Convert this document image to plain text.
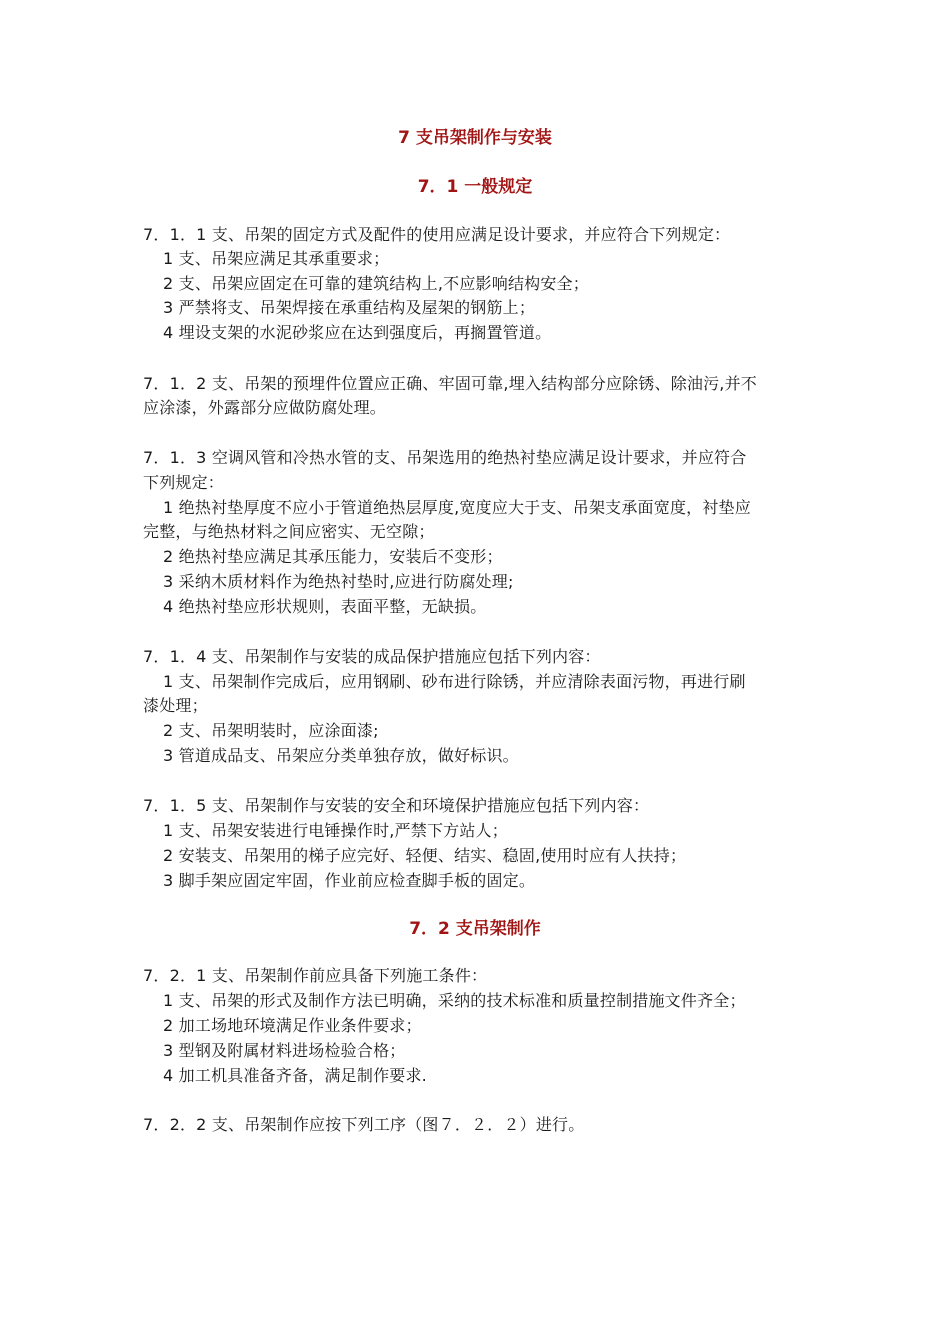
7 支吊架制作与安装
7．1 一般规定
7．1．1 支、吊架的固定方式及配件的使用应满足设计要求，并应符合下列规定：
1 支、吊架应满足其承重要求；
2 支、吊架应固定在可靠的建筑结构上,不应影响结构安全；
3 严禁将支、吊架焊接在承重结构及屋架的钢筋上；
4 埋设支架的水泥砂浆应在达到强度后，再搁置管道。
7．1．2 支、吊架的预埋件位置应正确、牢固可靠,埋入结构部分应除锈、除油污,并不
应涂漆，外露部分应做防腐处理。
7．1．3 空调风管和冷热水管的支、吊架选用的绝热衬垫应满足设计要求，并应符合
下列规定：
1 绝热衬垫厚度不应小于管道绝热层厚度,宽度应大于支、吊架支承面宽度，衬垫应
完整，与绝热材料之间应密实、无空隙；
2 绝热衬垫应满足其承压能力，安装后不变形；
3 采纳木质材料作为绝热衬垫时,应进行防腐处理;
4 绝热衬垫应形状规则，表面平整，无缺损。
7．1．4 支、吊架制作与安装的成品保护措施应包括下列内容：
1 支、吊架制作完成后，应用钢刷、砂布进行除锈，并应清除表面污物，再进行刷
漆处理；
2 支、吊架明装时，应涂面漆;
3 管道成品支、吊架应分类单独存放，做好标识。
7．1．5 支、吊架制作与安装的安全和环境保护措施应包括下列内容：
1 支、吊架安装进行电锤操作时,严禁下方站人；
2 安装支、吊架用的梯子应完好、轻便、结实、稳固,使用时应有人扶持；
3 脚手架应固定牢固，作业前应检查脚手板的固定。
7．2 支吊架制作
7．2．1 支、吊架制作前应具备下列施工条件：
1 支、吊架的形式及制作方法已明确，采纳的技术标准和质量控制措施文件齐全；
2 加工场地环境满足作业条件要求；
3 型钢及附属材料进场检验合格；
4 加工机具准备齐备，满足制作要求.
7．2．2 支、吊架制作应按下列工序（图７．２．２）进行。
